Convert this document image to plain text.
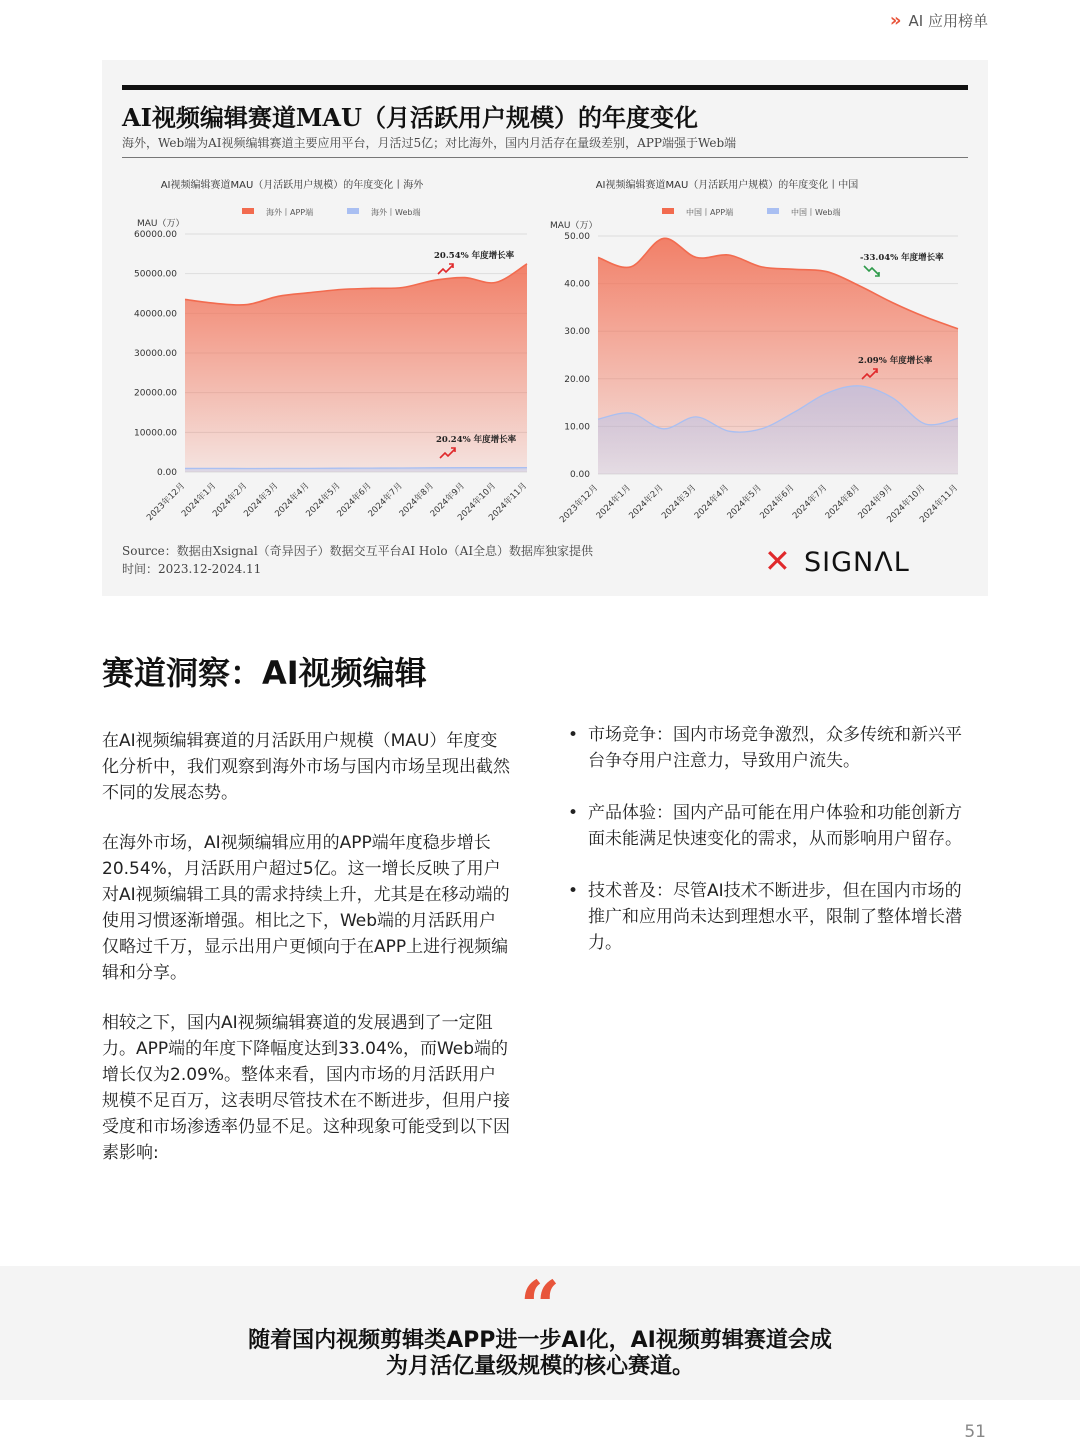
» AI 应用榜单
AI视频编辑赛道MAU（月活跃用户规模）的年度变化
海外，Web端为AI视频编辑赛道主要应用平台，月活过5亿；对比海外，国内月活存在量级差别，APP端强于Web端
AI视频编辑赛道MAU（月活跃用户规模）的年度变化丨海外
海外丨APP端	海外丨Web端
MAU（万）
60000.00
50000.00
40000.00
30000.00
20000.00
10000.00
0.00
2023年12月
2024年1月
2024年2月
2024年3月
2024年4月
2024年5月
2024年6月
2024年7月
2024年8月
2024年9月
2024年10月
2024年11月
20.54% 年度增长率
20.24% 年度增长率
AI视频编辑赛道MAU（月活跃用户规模）的年度变化丨中国
中国丨APP端	中国丨Web端
MAU（万）
50.00
40.00
30.00
20.00
10.00
0.00
2023年12月
2024年1月
2024年2月
2024年3月
2024年4月
2024年5月
2024年6月
2024年7月
2024年8月
2024年9月
2024年10月
2024年11月
-33.04% 年度增长率
2.09% 年度增长率
Source：数据由Xsignal（奇异因子）数据交互平台AI Holo（AI全息）数据库独家提供
时间：2023.12-2024.11	✕ SIGNΛL
赛道洞察：AI视频编辑

在AI视频编辑赛道的月活跃用户规模（MAU）年度变化分析中，我们观察到海外市场与国内市场呈现出截然不同的发展态势。

在海外市场，AI视频编辑应用的APP端年度稳步增长20.54%，月活跃用户超过5亿。这一增长反映了用户对AI视频编辑工具的需求持续上升，尤其是在移动端的使用习惯逐渐增强。相比之下，Web端的月活跃用户仅略过千万，显示出用户更倾向于在APP上进行视频编辑和分享。

相较之下，国内AI视频编辑赛道的发展遇到了一定阻力。APP端的年度下降幅度达到33.04%，而Web端的增长仅为2.09%。整体来看，国内市场的月活跃用户规模不足百万，这表明尽管技术在不断进步，但用户接受度和市场渗透率仍显不足。这种现象可能受到以下因素影响:

• 市场竞争：国内市场竞争激烈，众多传统和新兴平台争夺用户注意力，导致用户流失。
• 产品体验：国内产品可能在用户体验和功能创新方面未能满足快速变化的需求，从而影响用户留存。
• 技术普及：尽管AI技术不断进步，但在国内市场的推广和应用尚未达到理想水平，限制了整体增长潜力。
“
随着国内视频剪辑类APP进一步AI化，AI视频剪辑赛道会成
为月活亿量级规模的核心赛道。
51
